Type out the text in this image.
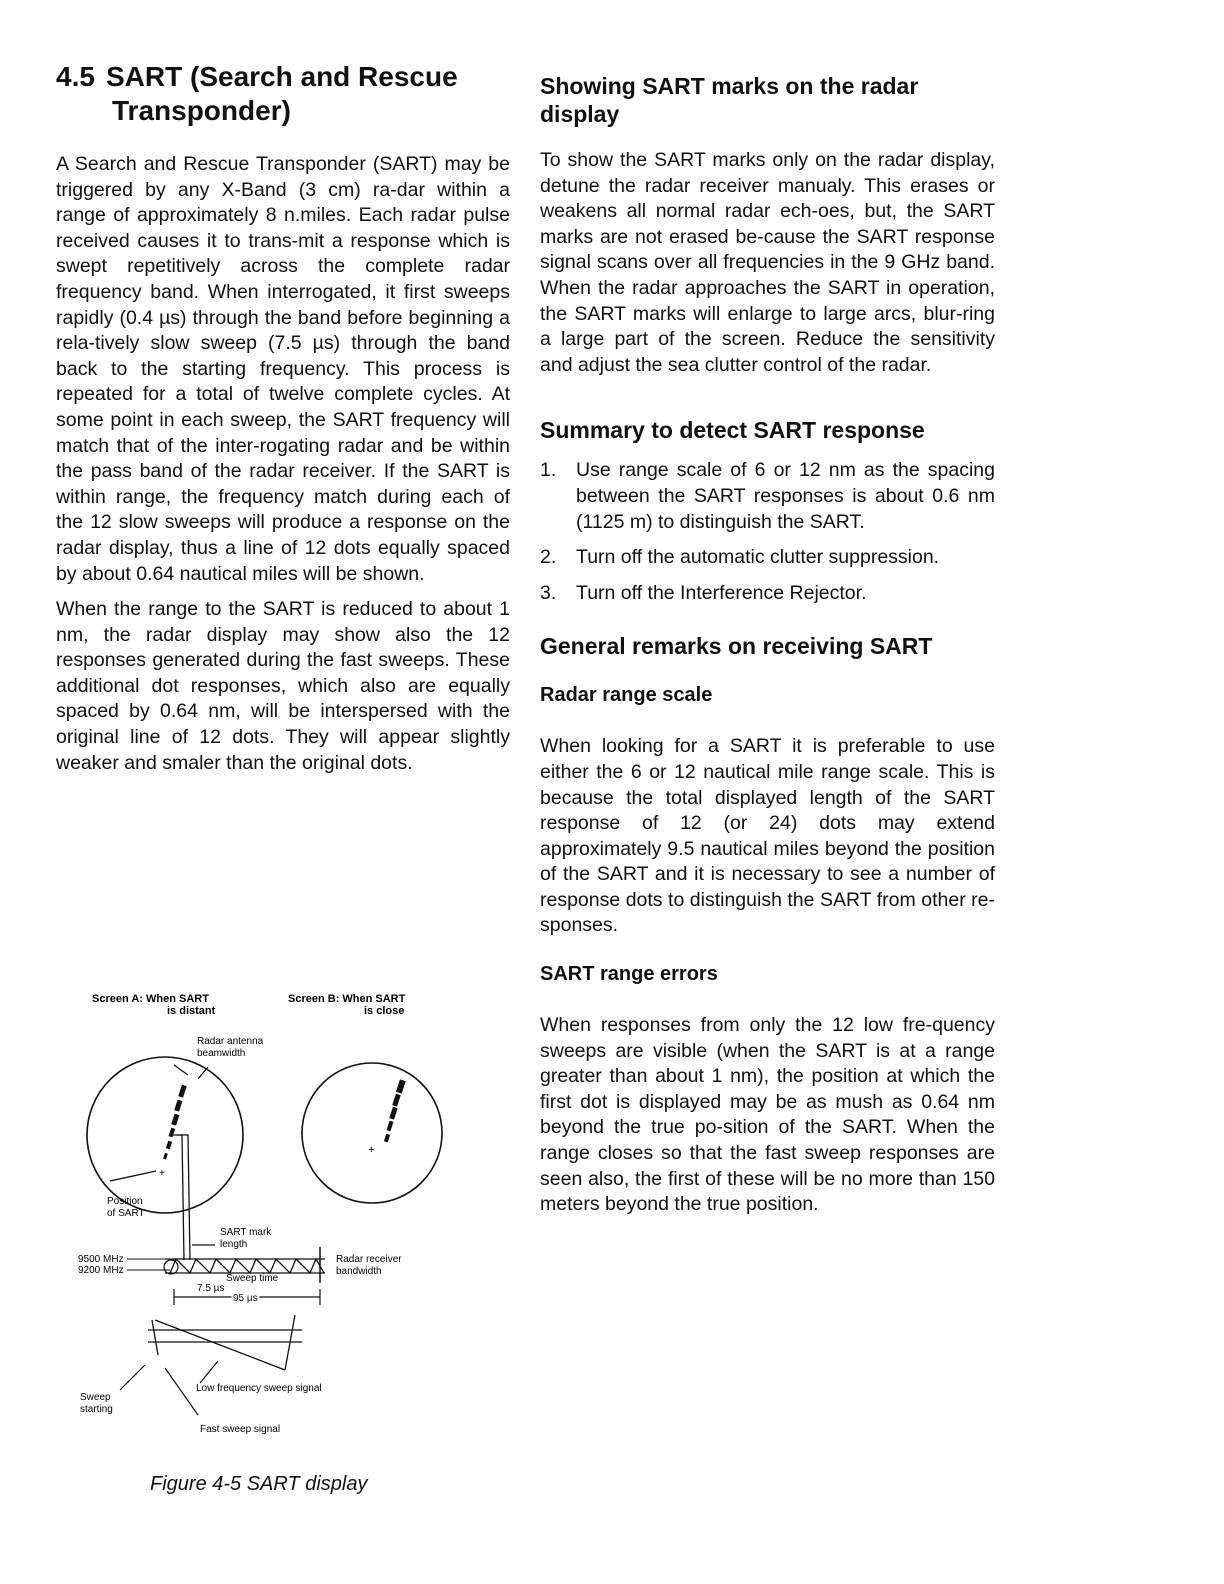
4.5 SART (Search and Rescue
Transponder)

A Search and Rescue Transponder (SART) may be triggered by any X-Band (3 cm) ra-dar within a range of approximately 8 n.miles. Each radar pulse received causes it to trans-mit a response which is swept repetitively across the complete radar frequency band. When interrogated, it first sweeps rapidly (0.4 µs) through the band before beginning a rela-tively slow sweep (7.5 µs) through the band back to the starting frequency. This process is repeated for a total of twelve complete cycles. At some point in each sweep, the SART frequency will match that of the inter-rogating radar and be within the pass band of the radar receiver. If the SART is within range, the frequency match during each of the 12 slow sweeps will produce a response on the radar display, thus a line of 12 dots equally spaced by about 0.64 nautical miles will be shown.

When the range to the SART is reduced to about 1 nm, the radar display may show also the 12 responses generated during the fast sweeps. These additional dot responses, which also are equally spaced by 0.64 nm, will be interspersed with the original line of 12 dots. They will appear slightly weaker and smaler than the original dots.

Screen A: When SART
is distant
Screen B: When SART
is close
Radar antenna
beamwidth
+
Position
of SART
+
SART mark
length
9500 MHz
9200 MHz
Radar receiver
bandwidth
7.5 µs
Sweep time
95 µs
Sweep
starting
Low frequency sweep signal
Fast sweep signal
Figure 4-5 SART display
Showing SART marks on the radar display

To show the SART marks only on the radar display, detune the radar receiver manualy. This erases or weakens all normal radar ech-oes, but, the SART marks are not erased be-cause the SART response signal scans over all frequencies in the 9 GHz band. When the radar approaches the SART in operation, the SART marks will enlarge to large arcs, blur-ring a large part of the screen. Reduce the sensitivity and adjust the sea clutter control of the radar.

Summary to detect SART response
1.	Use range scale of 6 or 12 nm as the spacing between the SART responses is about 0.6 nm (1125 m) to distinguish the SART.
2.	Turn off the automatic clutter suppression.
3.	Turn off the Interference Rejector.
General remarks on receiving SART
Radar range scale

When looking for a SART it is preferable to use either the 6 or 12 nautical mile range scale. This is because the total displayed length of the SART response of 12 (or 24) dots may extend approximately 9.5 nautical miles beyond the position of the SART and it is necessary to see a number of response dots to distinguish the SART from other re-sponses.

SART range errors

When responses from only the 12 low fre-quency sweeps are visible (when the SART is at a range greater than about 1 nm), the position at which the first dot is displayed may be as mush as 0.64 nm beyond the true po-sition of the SART. When the range closes so that the fast sweep responses are seen also, the first of these will be no more than 150 meters beyond the true position.
